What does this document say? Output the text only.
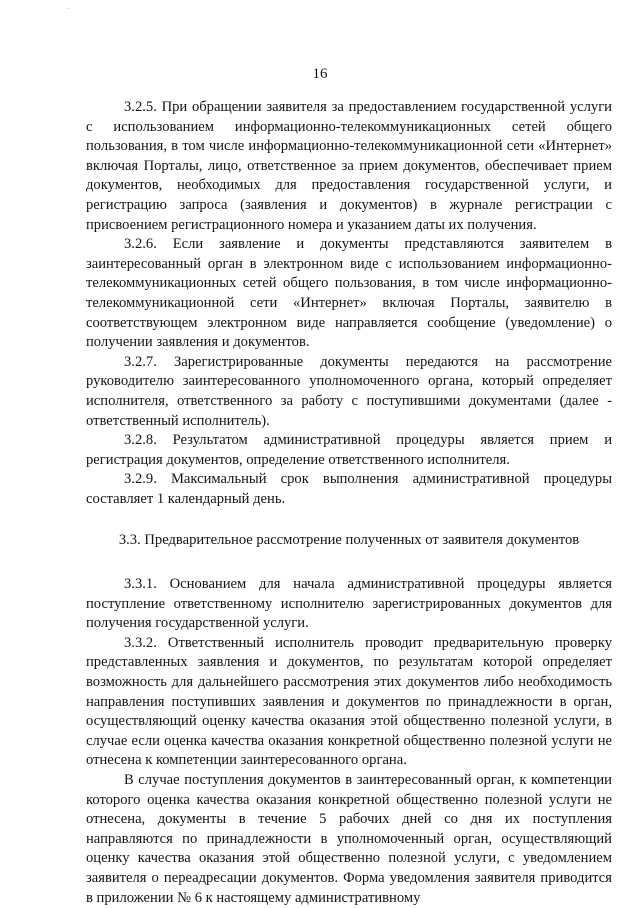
16

3.2.5. При обращении заявителя за предоставлением государственной услуги с использованием информационно-телекоммуникационных сетей общего пользования, в том числе информационно-телекоммуникационной сети «Интернет» включая Порталы, лицо, ответственное за прием документов, обеспечивает прием документов, необходимых для предоставления государственной услуги, и регистрацию запроса (заявления и документов) в журнале регистрации с присвоением регистрационного номера и указанием даты их получения.

3.2.6. Если заявление и документы представляются заявителем в заинтересованный орган в электронном виде с использованием информационно-телекоммуникационных сетей общего пользования, в том числе информационно-телекоммуникационной сети «Интернет» включая Порталы, заявителю в соответствующем электронном виде направляется сообщение (уведомление) о получении заявления и документов.

3.2.7. Зарегистрированные документы передаются на рассмотрение руководителю заинтересованного уполномоченного органа, который определяет исполнителя, ответственного за работу с поступившими документами (далее - ответственный исполнитель).

3.2.8. Результатом административной процедуры является прием и регистрация документов, определение ответственного исполнителя.

3.2.9. Максимальный срок выполнения административной процедуры составляет 1 календарный день.

3.3. Предварительное рассмотрение полученных от заявителя документов

3.3.1. Основанием для начала административной процедуры является поступление ответственному исполнителю зарегистрированных документов для получения государственной услуги.

3.3.2. Ответственный исполнитель проводит предварительную проверку представленных заявления и документов, по результатам которой определяет возможность для дальнейшего рассмотрения этих документов либо необходимость направления поступивших заявления и документов по принадлежности в орган, осуществляющий оценку качества оказания этой общественно полезной услуги, в случае если оценка качества оказания конкретной общественно полезной услуги не отнесена к компетенции заинтересованного органа.

В случае поступления документов в заинтересованный орган, к компетенции которого оценка качества оказания конкретной общественно полезной услуги не отнесена, документы в течение 5 рабочих дней со дня их поступления направляются по принадлежности в уполномоченный орган, осуществляющий оценку качества оказания этой общественно полезной услуги, с уведомлением заявителя о переадресации документов. Форма уведомления заявителя приводится в приложении № 6 к настоящему административному
